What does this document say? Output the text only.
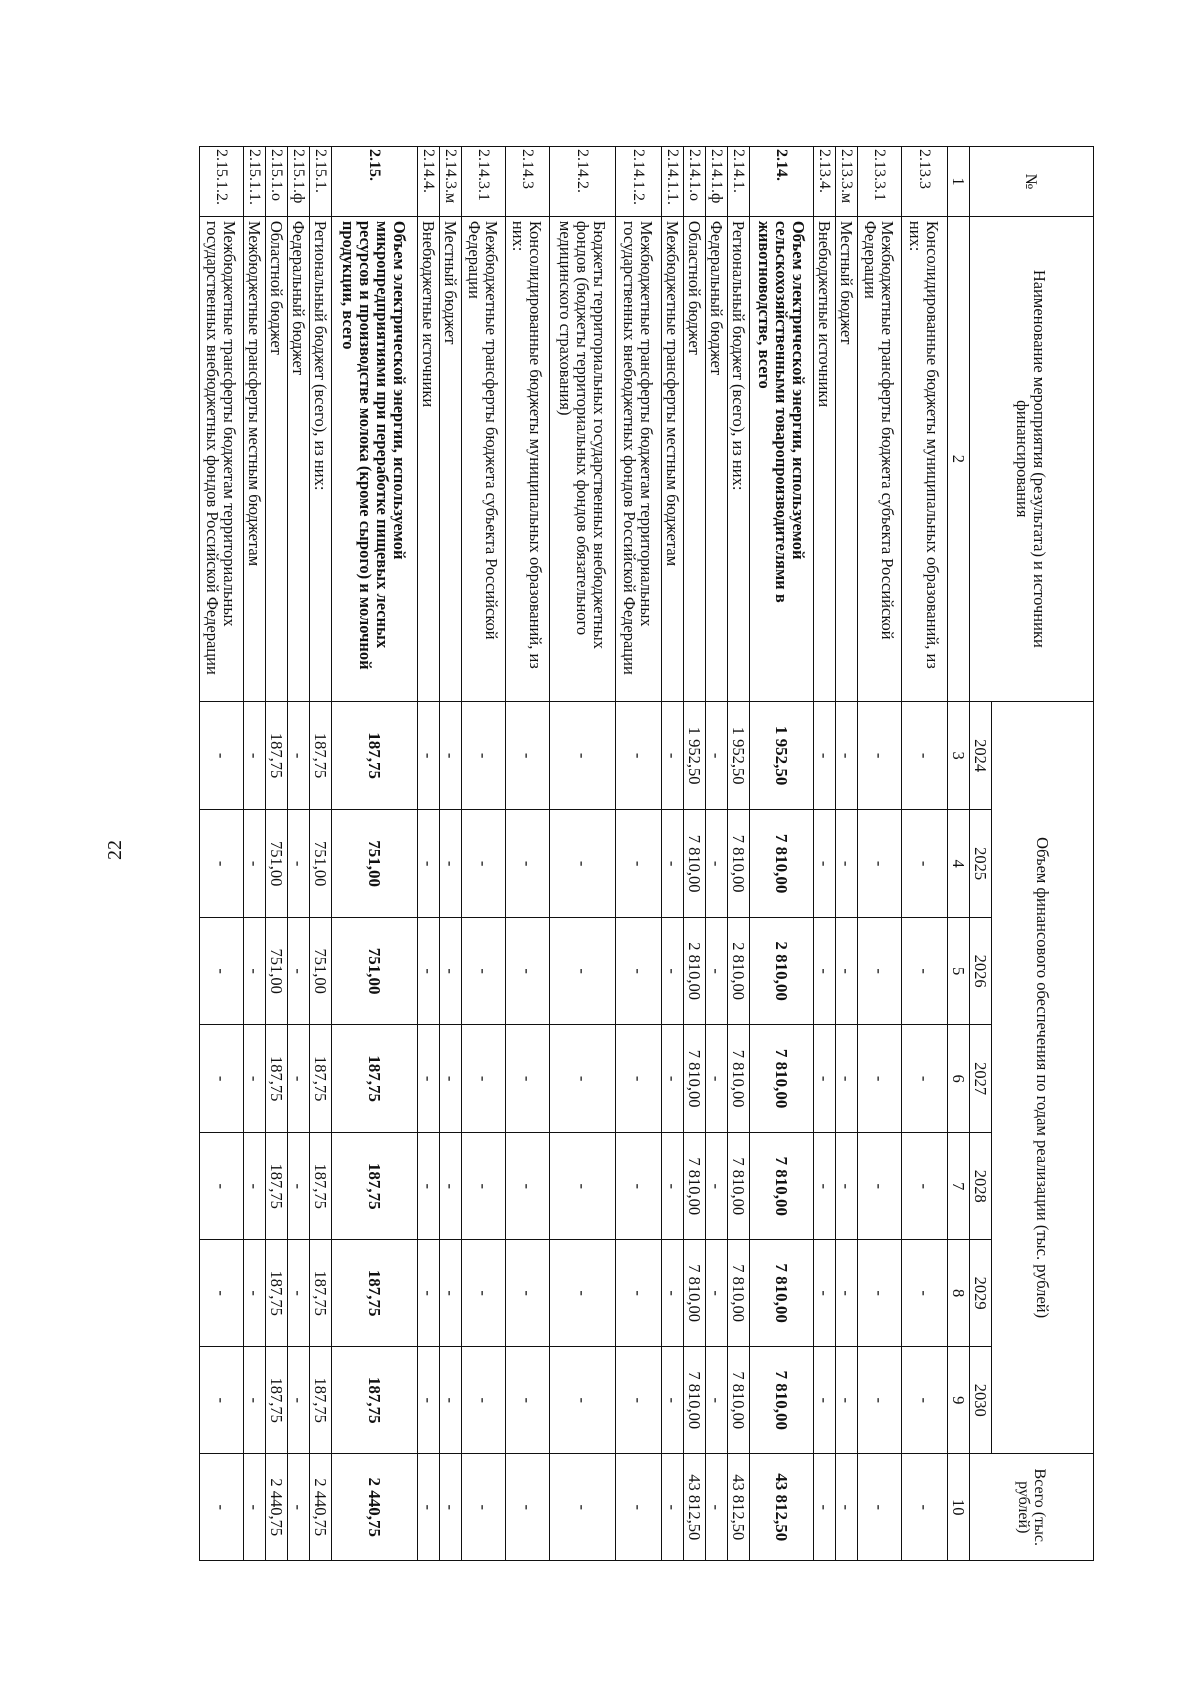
22
№	Наименование мероприятия (результата) и источники финансирования	Объем финансового обеспечения по годам реализации (тыс. рублей)							Всего (тыс. рублей)
		2024	2025	2026	2027	2028	2029	2030	
1	2	3	4	5	6	7	8	9	10
2.13.3	Консолидированные бюджеты муниципальных образований, из них:	-	-	-	-	-	-	-	-
2.13.3.1	Межбюджетные трансферты бюджета субъекта Российской Федерации	-	-	-	-	-	-	-	-
2.13.3.м	Местный бюджет	-	-	-	-	-	-	-	-
2.13.4.	Внебюджетные источники	-	-	-	-	-	-	-	-
2.14.	Объем электрической энергии, используемой сельскохозяйственными товаропроизводителями в животноводстве, всего	1 952,50	7 810,00	2 810,00	7 810,00	7 810,00	7 810,00	7 810,00	43 812,50
2.14.1.	Региональный бюджет (всего), из них:	1 952,50	7 810,00	2 810,00	7 810,00	7 810,00	7 810,00	7 810,00	43 812,50
2.14.1.ф	Федеральный бюджет	-	-	-	-	-	-	-	-
2.14.1.о	Областной бюджет	1 952,50	7 810,00	2 810,00	7 810,00	7 810,00	7 810,00	7 810,00	43 812,50
2.14.1.1.	Межбюджетные трансферты местным бюджетам	-	-	-	-	-	-	-	-
2.14.1.2.	Межбюджетные трансферты бюджетам территориальных государственных внебюджетных фондов Российской Федерации	-	-	-	-	-	-	-	-
2.14.2.	Бюджеты территориальных государственных внебюджетных фондов (бюджеты территориальных фондов обязательного медицинского страхования)	-	-	-	-	-	-	-	-
2.14.3	Консолидированные бюджеты муниципальных образований, из них:	-	-	-	-	-	-	-	-
2.14.3.1	Межбюджетные трансферты бюджета субъекта Российской Федерации	-	-	-	-	-	-	-	-
2.14.3.м	Местный бюджет	-	-	-	-	-	-	-	-
2.14.4.	Внебюджетные источники	-	-	-	-	-	-	-	-
2.15.	Объем электрической энергии, используемой микропредприятиями при переработке пищевых лесных ресурсов и производстве молока (кроме сырого) и молочной продукции, всего	187,75	751,00	751,00	187,75	187,75	187,75	187,75	2 440,75
2.15.1.	Региональный бюджет (всего), из них:	187,75	751,00	751,00	187,75	187,75	187,75	187,75	2 440,75
2.15.1.ф	Федеральный бюджет	-	-	-	-	-	-	-	-
2.15.1.о	Областной бюджет	187,75	751,00	751,00	187,75	187,75	187,75	187,75	2 440,75
2.15.1.1.	Межбюджетные трансферты местным бюджетам	-	-	-	-	-	-	-	-
2.15.1.2.	Межбюджетные трансферты бюджетам территориальных государственных внебюджетных фондов Российской Федерации	-	-	-	-	-	-	-	-
